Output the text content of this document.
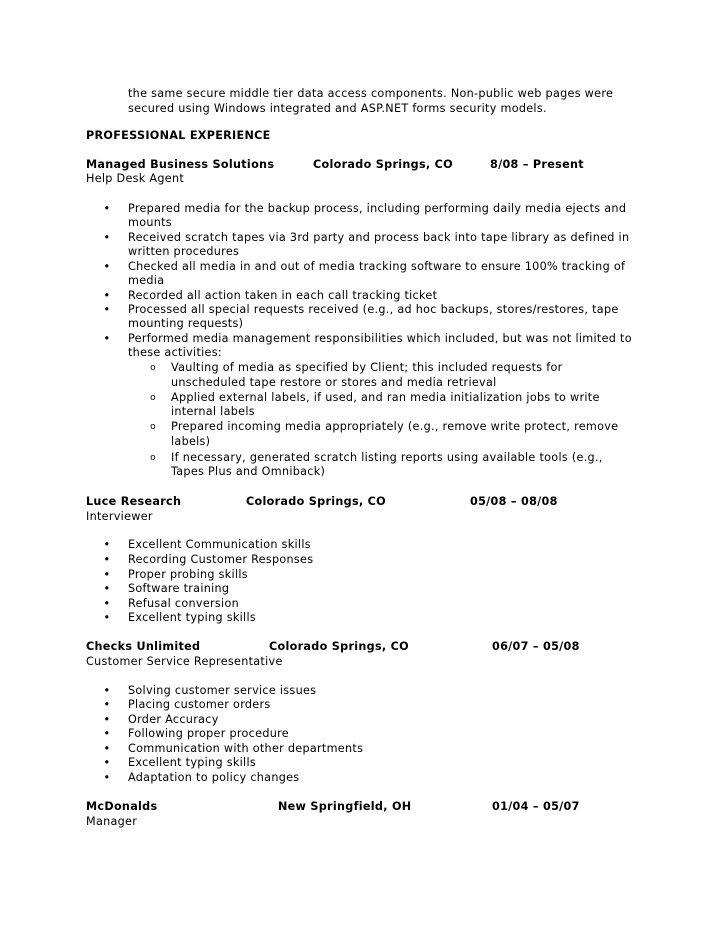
the same secure middle tier data access components. Non-public web pages were
secured using Windows integrated and ASP.NET forms security models.
PROFESSIONAL EXPERIENCE
Managed Business Solutions	Colorado Springs, CO	8/08 – Present
Help Desk Agent
• Prepared media for the backup process, including performing daily media ejects and
mounts
• Received scratch tapes via 3rd party and process back into tape library as defined in
written procedures
• Checked all media in and out of media tracking software to ensure 100% tracking of
media
• Recorded all action taken in each call tracking ticket
• Processed all special requests received (e.g., ad hoc backups, stores/restores, tape
mounting requests)
• Performed media management responsibilities which included, but was not limited to
these activities:
o Vaulting of media as specified by Client; this included requests for
unscheduled tape restore or stores and media retrieval
o Applied external labels, if used, and ran media initialization jobs to write
internal labels
o Prepared incoming media appropriately (e.g., remove write protect, remove
labels)
o If necessary, generated scratch listing reports using available tools (e.g.,
Tapes Plus and Omniback)
Luce Research	Colorado Springs, CO	05/08 – 08/08
Interviewer
• Excellent Communication skills
• Recording Customer Responses
• Proper probing skills
• Software training
• Refusal conversion
• Excellent typing skills
Checks Unlimited	Colorado Springs, CO	06/07 – 05/08
Customer Service Representative
• Solving customer service issues
• Placing customer orders
• Order Accuracy
• Following proper procedure
• Communication with other departments
• Excellent typing skills
• Adaptation to policy changes
McDonalds	New Springfield, OH	01/04 – 05/07
Manager
